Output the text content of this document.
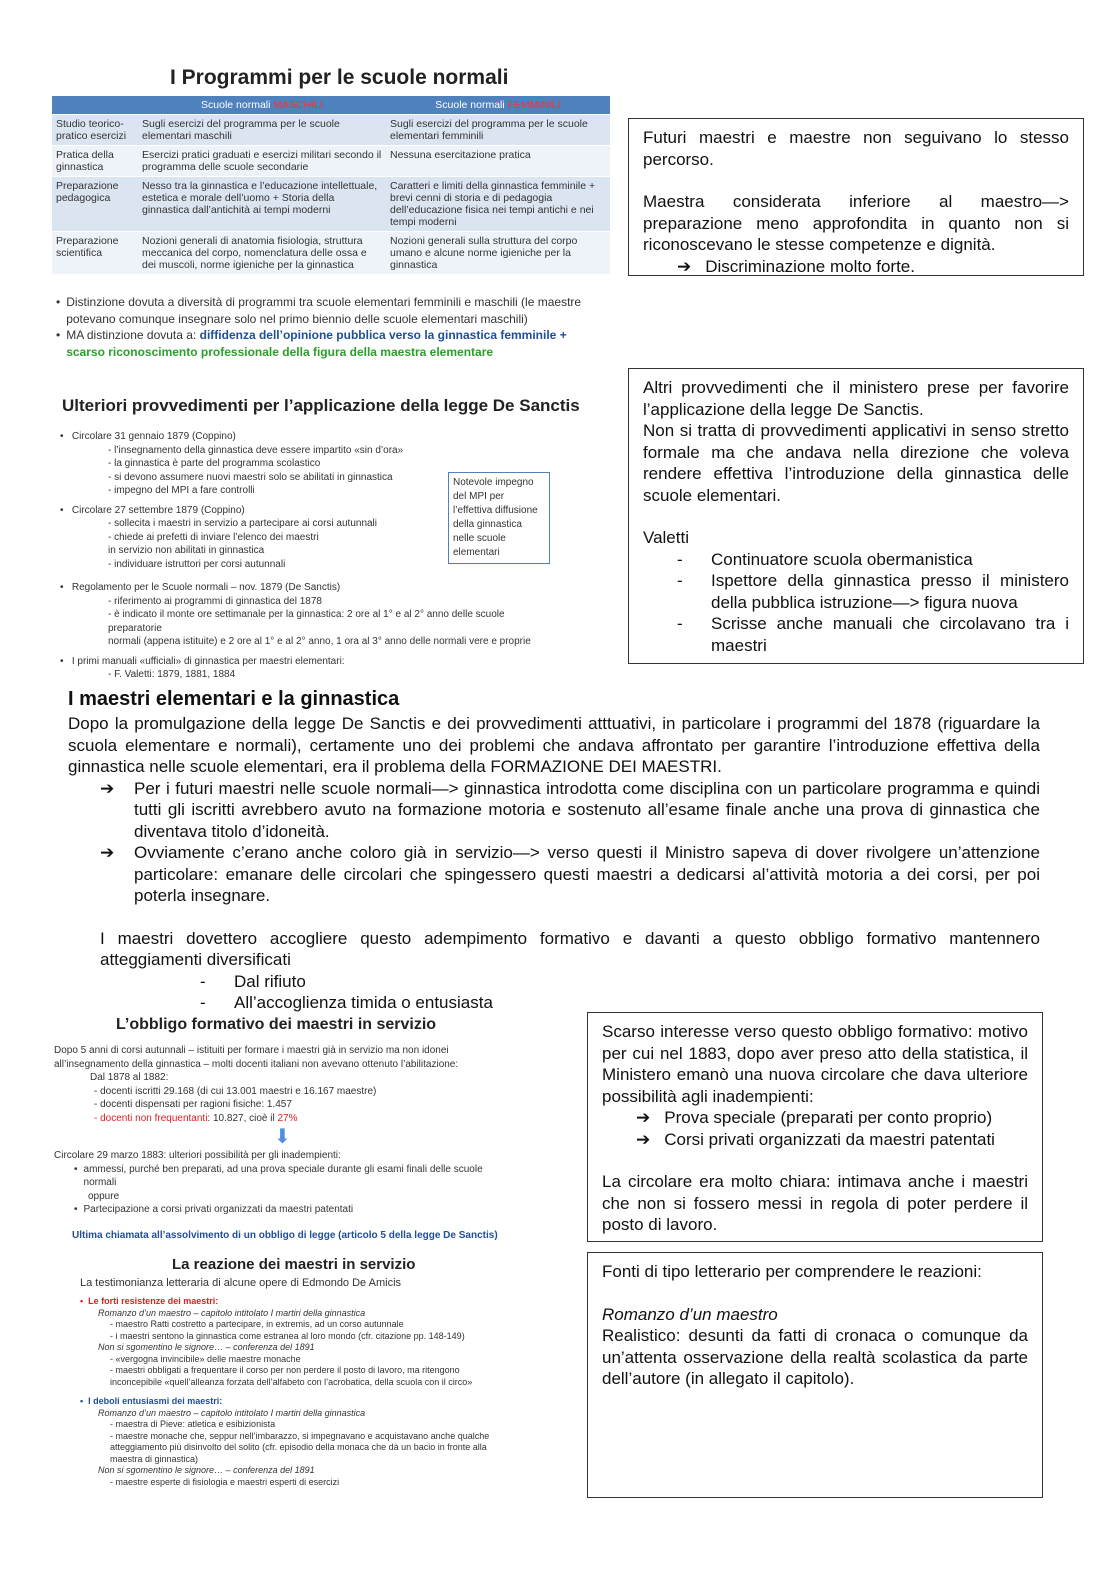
I Programmi per le scuole normali
	Scuole normali MASCHILI	Scuole normali FEMMINILI
Studio teorico-pratico esercizi	Sugli esercizi del programma per le scuole elementari maschili	Sugli esercizi del programma per le scuole elementari femminili
Pratica della ginnastica	Esercizi pratici graduati e esercizi militari secondo il programma delle scuole secondarie	Nessuna esercitazione pratica
Preparazione pedagogica	Nesso tra la ginnastica e l’educazione intellettuale, estetica e morale dell’uomo + Storia della ginnastica dall’antichità ai tempi moderni	Caratteri e limiti della ginnastica femminile + brevi cenni di storia e di pedagogia dell’educazione fisica nei tempi antichi e nei tempi moderni
Preparazione scientifica	Nozioni generali di anatomia fisiologia, struttura meccanica del corpo, nomenclatura delle ossa e dei muscoli, norme igieniche per la ginnastica	Nozioni generali sulla struttura del corpo umano e alcune norme igieniche per la ginnastica
• Distinzione dovuta a diversità di programmi tra scuole elementari femminili e maschili (le maestre potevano comunque insegnare solo nel primo biennio delle scuole elementari maschili)
• MA distinzione dovuta a: diffidenza dell’opinione pubblica verso la ginnastica femminile +
scarso riconoscimento professionale della figura della maestra elementare

Futuri maestri e maestre non seguivano lo stesso percorso.

Maestra considerata inferiore al maestro—> preparazione meno approfondita in quanto non si riconoscevano le stesse competenze e dignità.

➔ Discriminazione molto forte.
Ulteriori provvedimenti per l’applicazione della legge De Sanctis
• Circolare 31 gennaio 1879 (Coppino)
- l’insegnamento della ginnastica deve essere impartito «sin d’ora»
- la ginnastica è parte del programma scolastico
- si devono assumere nuovi maestri solo se abilitati in ginnastica
- impegno del MPI a fare controlli
• Circolare 27 settembre 1879 (Coppino)
- sollecita i maestri in servizio a partecipare ai corsi autunnali
- chiede ai prefetti di inviare l’elenco dei maestri
in servizio non abilitati in ginnastica
- individuare istruttori per corsi autunnali
• Regolamento per le Scuole normali – nov. 1879 (De Sanctis)
- riferimento ai programmi di ginnastica del 1878
- è indicato il monte ore settimanale per la ginnastica: 2 ore al 1° e al 2° anno delle scuole preparatorie
normali (appena istituite) e 2 ore al 1° e al 2° anno, 1 ora al 3° anno delle normali vere e proprie
• I primi manuali «ufficiali» di ginnastica per maestri elementari:
- F. Valetti: 1879, 1881, 1884
Notevole impegno del MPI per l’effettiva diffusione della ginnastica nelle scuole elementari

Altri provvedimenti che il ministero prese per favorire l’applicazione della legge De Sanctis.

Non si tratta di provvedimenti applicativi in senso stretto formale ma che andava nella direzione che voleva rendere effettiva l’introduzione della ginnastica delle scuole elementari.

Valetti

-	Continuatore scuola obermanistica
-	Ispettore della ginnastica presso il ministero della pubblica istruzione—> figura nuova
-	Scrisse anche manuali che circolavano tra i maestri
I maestri elementari e la ginnastica

Dopo la promulgazione della legge De Sanctis e dei provvedimenti atttuativi, in particolare i programmi del 1878 (riguardare la scuola elementare e normali), certamente uno dei problemi che andava affrontato per garantire l’introduzione effettiva della ginnastica nelle scuole elementari, era il problema della FORMAZIONE DEI MAESTRI.

➔	Per i futuri maestri nelle scuole normali—> ginnastica introdotta come disciplina con un particolare programma e quindi tutti gli iscritti avrebbero avuto na formazione motoria e sostenuto all’esame finale anche una prova di ginnastica che diventava titolo d’idoneità.
➔	Ovviamente c’erano anche coloro già in servizio—> verso questi il Ministro sapeva di dover rivolgere un’attenzione particolare: emanare delle circolari che spingessero questi maestri a dedicarsi al’attività motoria a dei corsi, per poi poterla insegnare.

I maestri dovettero accogliere questo adempimento formativo e davanti a questo obbligo formativo mantennero atteggiamenti diversificati

-	Dal rifiuto
-	All’accoglienza timida o entusiasta
L’obbligo formativo dei maestri in servizio
Dopo 5 anni di corsi autunnali – istituiti per formare i maestri già in servizio ma non idonei all’insegnamento della ginnastica – molti docenti italiani non avevano ottenuto l’abilitazione:
Dal 1878 al 1882:
- docenti iscritti 29.168 (di cui 13.001 maestri e 16.167 maestre)
- docenti dispensati per ragioni fisiche: 1.457
- docenti non frequentanti: 10.827, cioè il 27%
⬇
Circolare 29 marzo 1883: ulteriori possibilità per gli inadempienti:
• ammessi, purché ben preparati, ad una prova speciale durante gli esami finali delle scuole normali
oppure
• Partecipazione a corsi privati organizzati da maestri patentati
Ultima chiamata all’assolvimento di un obbligo di legge (articolo 5 della legge De Sanctis)
La reazione dei maestri in servizio
La testimonianza letteraria di alcune opere di Edmondo De Amicis
• Le forti resistenze dei maestri:
Romanzo d’un maestro – capitolo intitolato I martiri della ginnastica
- maestro Ratti costretto a partecipare, in extremis, ad un corso autunnale
- i maestri sentono la ginnastica come estranea al loro mondo (cfr. citazione pp. 148-149)
Non si sgomentino le signore… – conferenza del 1891
- «vergogna invincibile» delle maestre monache
- maestri obbligati a frequentare il corso per non perdere il posto di lavoro, ma ritengono
inconcepibile «quell’alleanza forzata dell’alfabeto con l’acrobatica, della scuola con il circo»
• I deboli entusiasmi dei maestri:
Romanzo d’un maestro – capitolo intitolato I martiri della ginnastica
- maestra di Pieve: atletica e esibizionista
- maestre monache che, seppur nell’imbarazzo, si impegnavano e acquistavano anche qualche
atteggiamento più disinvolto del solito (cfr. episodio della monaca che dà un bacio in fronte alla
maestra di ginnastica)
Non si sgomentino le signore… – conferenza del 1891
- maestre esperte di fisiologia e maestri esperti di esercizi

Scarso interesse verso questo obbligo formativo: motivo per cui nel 1883, dopo aver preso atto della statistica, il Ministero emanò una nuova circolare che dava ulteriore possibilità agli inadempienti:

➔ Prova speciale (preparati per conto proprio)
➔ Corsi privati organizzati da maestri patentati

La circolare era molto chiara: intimava anche i maestri che non si fossero messi in regola di poter perdere il posto di lavoro.

Fonti di tipo letterario per comprendere le reazioni:

Romanzo d’un maestro

Realistico: desunti da fatti di cronaca o comunque da un’attenta osservazione della realtà scolastica da parte dell’autore (in allegato il capitolo).
